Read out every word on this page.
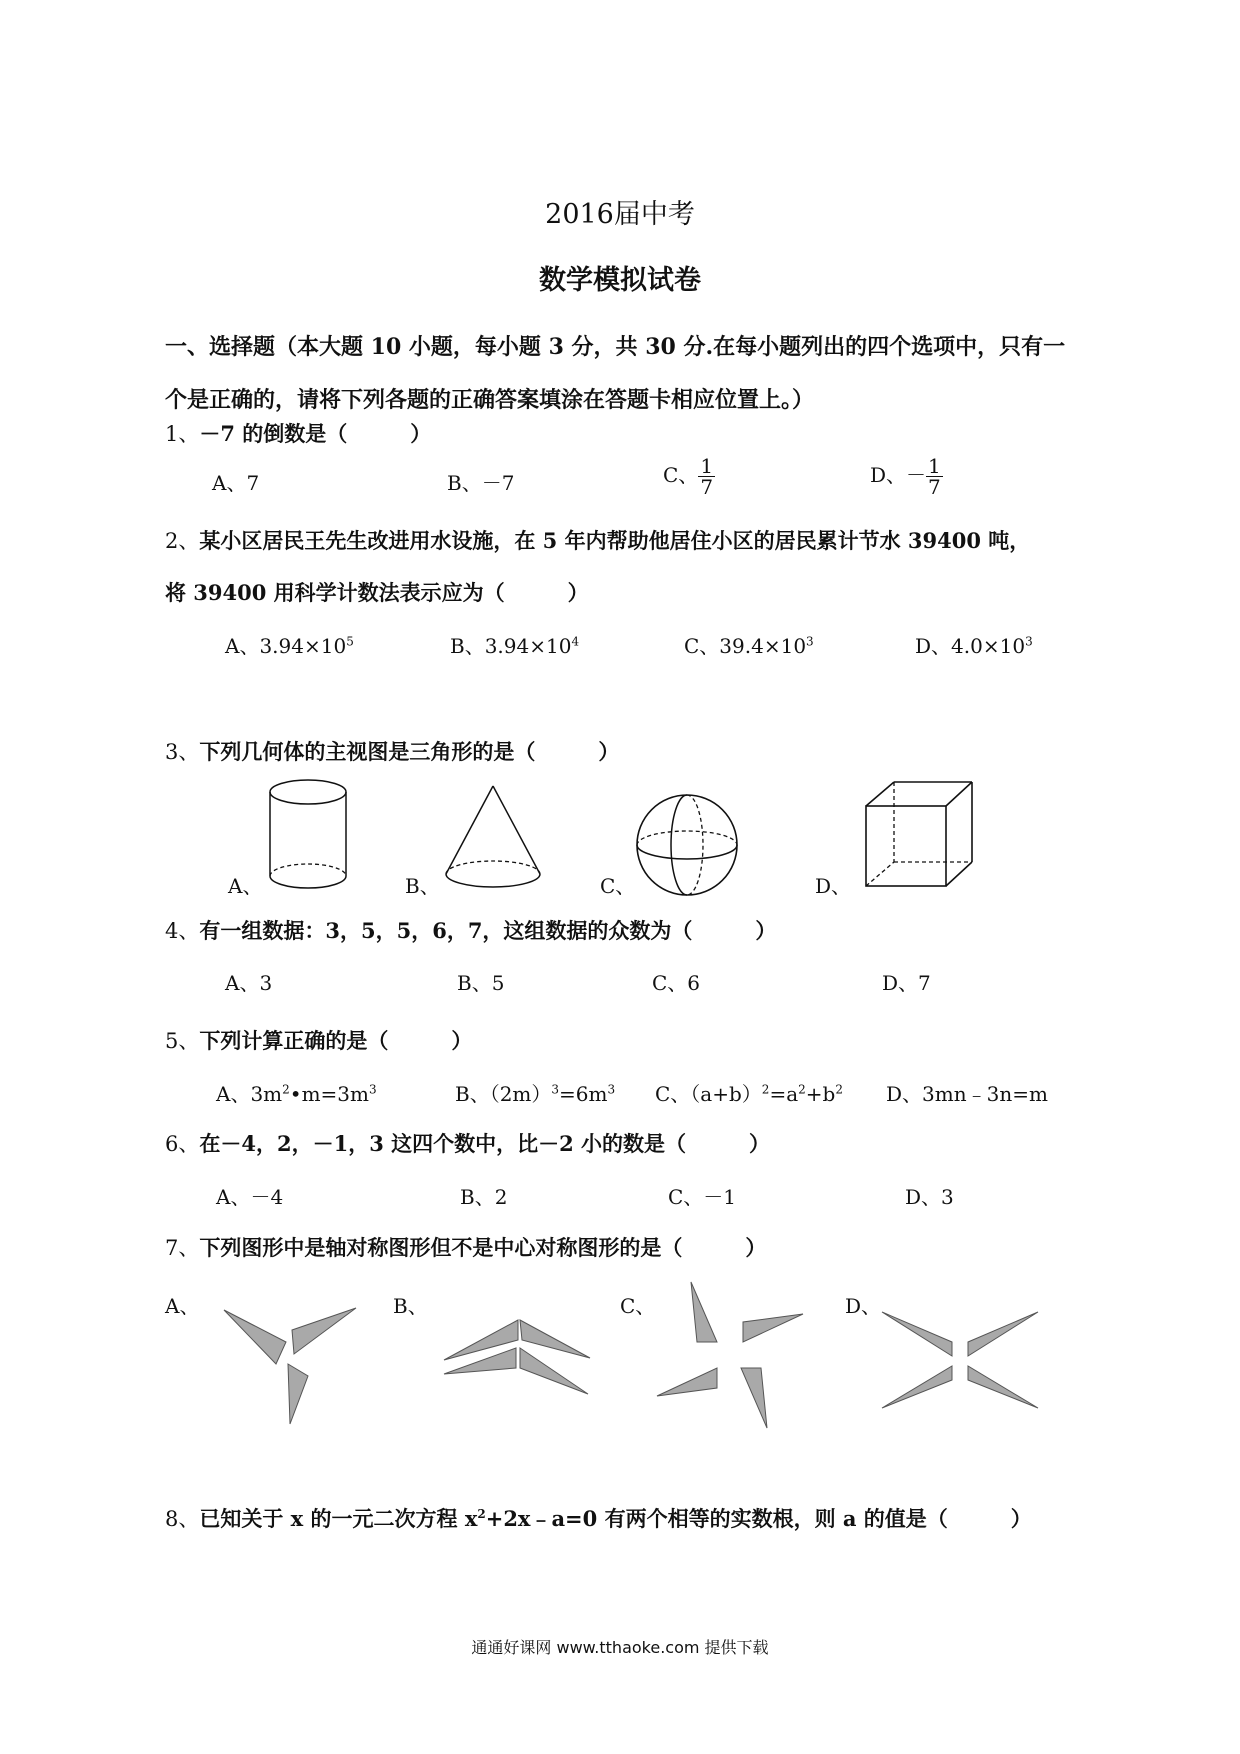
2016届中考
数学模拟试卷
一、选择题（本大题 10 小题，每小题 3 分，共 30 分.在每小题列出的四个选项中，只有一
个是正确的，请将下列各题的正确答案填涂在答题卡相应位置上。）
1、－7 的倒数是（　　　）
A、7	B、－7	C、 $\frac{1}{7}$	D、－ $\frac{1}{7}$
2、某小区居民王先生改进用水设施，在 5 年内帮助他居住小区的居民累计节水 39400 吨，
将 39400 用科学计数法表示应为（　　　）
A、$3.94\times 10^5$	B、$3.94\times 10^4$	C、$39.4\times 10^3$	D、$4.0\times 10^3$
3、下列几何体的主视图是三角形的是（　　　）
A、	B、	C、	D、
4、有一组数据：3，5，5，6，7，这组数据的众数为（　　　）
A、3	B、5	C、6	D、7
5、下列计算正确的是（　　　）
A、$3m^2•m=3m^3$	B、$(2m)^3=6m^3$ C、$(a+b)^2=a^2+b^2$ D、3mn﹣3n=m
6、在－4，2，－1，3 这四个数中，比－2 小的数是（　　　）
A、－4	B、2	C、－1	D、3
7、下列图形中是轴对称图形但不是中心对称图形的是（　　　）
A、	B、	C、	D、
8、已知关于 x 的一元二次方程 $x^2+2x﹣a=0$ 有两个相等的实数根，则 a 的值是（　　　）
通通好课网 www.tthaoke.com 提供下载
